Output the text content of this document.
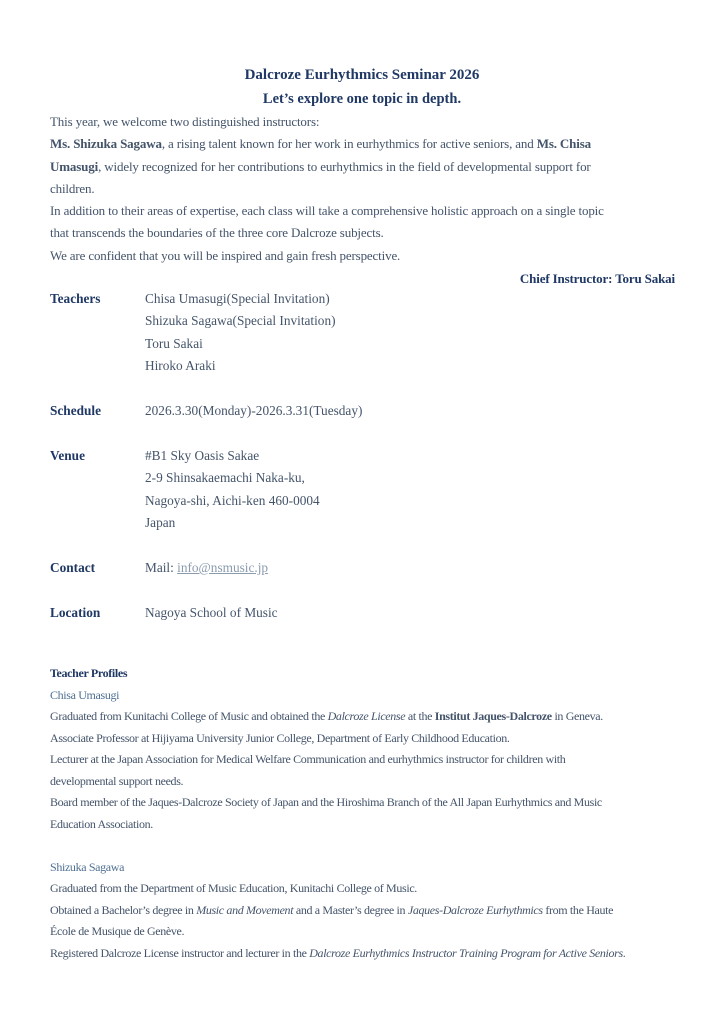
Dalcroze Eurhythmics Seminar 2026
Let’s explore one topic in depth.
This year, we welcome two distinguished instructors:
Ms. Shizuka Sagawa, a rising talent known for her work in eurhythmics for active seniors, and Ms. Chisa
Umasugi, widely recognized for her contributions to eurhythmics in the field of developmental support for
children.
In addition to their areas of expertise, each class will take a comprehensive holistic approach on a single topic
that transcends the boundaries of the three core Dalcroze subjects.
We are confident that you will be inspired and gain fresh perspective.
Chief Instructor: Toru Sakai
Teachers	Chisa Umasugi(Special Invitation)
Shizuka Sagawa(Special Invitation)
Toru Sakai
Hiroko Araki
Schedule	2026.3.30(Monday)-2026.3.31(Tuesday)
Venue	#B1 Sky Oasis Sakae
2-9 Shinsakaemachi Naka-ku,
Nagoya-shi, Aichi-ken 460-0004
Japan
Contact	Mail: info@nsmusic.jp
Location	Nagoya School of Music
Teacher Profiles
Chisa Umasugi
Graduated from Kunitachi College of Music and obtained the Dalcroze License at the Institut Jaques-Dalcroze in Geneva.
Associate Professor at Hijiyama University Junior College, Department of Early Childhood Education.
Lecturer at the Japan Association for Medical Welfare Communication and eurhythmics instructor for children with
developmental support needs.
Board member of the Jaques-Dalcroze Society of Japan and the Hiroshima Branch of the All Japan Eurhythmics and Music
Education Association.
Shizuka Sagawa
Graduated from the Department of Music Education, Kunitachi College of Music.
Obtained a Bachelor’s degree in Music and Movement and a Master’s degree in Jaques-Dalcroze Eurhythmics from the Haute
École de Musique de Genève.
Registered Dalcroze License instructor and lecturer in the Dalcroze Eurhythmics Instructor Training Program for Active Seniors.
